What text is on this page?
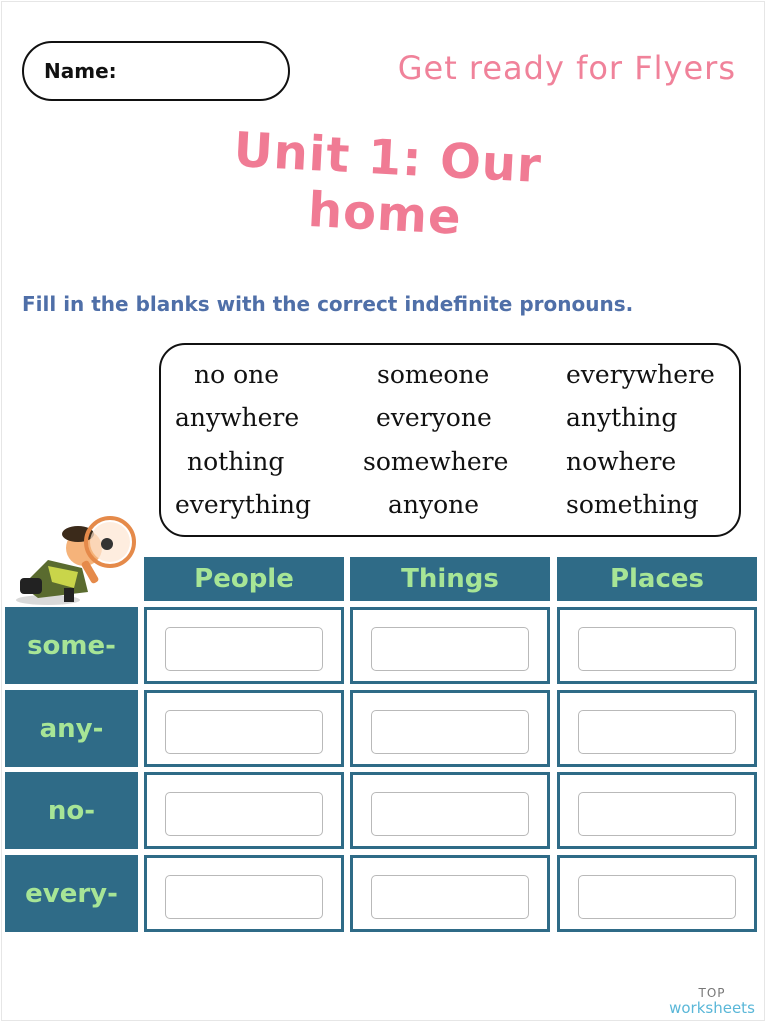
Name:	Get ready for Flyers
Unit 1: Our home
Fill in the blanks with the correct indefinite pronouns.
no one
anywhere
nothing
everything
someone
everyone
somewhere
anyone
everywhere
anything
nowhere
something
People	Things	Places
some-
any-
no-
every-
TOP
worksheets
